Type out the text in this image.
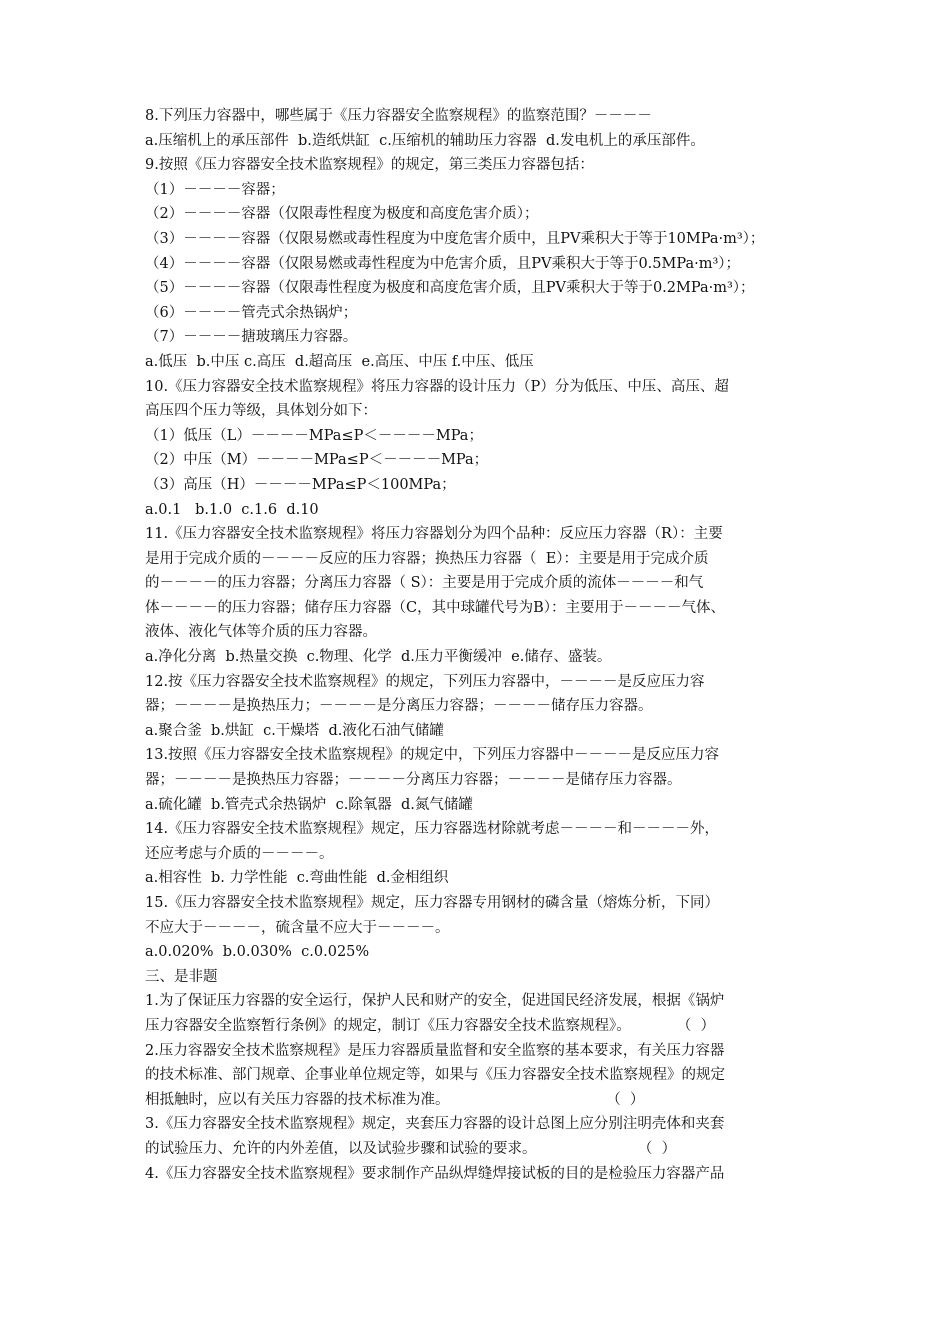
8.下列压力容器中，哪些属于《压力容器安全监察规程》的监察范围？－－－－
a.压缩机上的承压部件  b.造纸烘缸  c.压缩机的辅助压力容器  d.发电机上的承压部件。
9.按照《压力容器安全技术监察规程》的规定，第三类压力容器包括：
（1）－－－－容器；
（2）－－－－容器（仅限毒性程度为极度和高度危害介质）；
（3）－－－－容器（仅限易燃或毒性程度为中度危害介质中，且PV乘积大于等于10MPa·m³）；
（4）－－－－容器（仅限易燃或毒性程度为中危害介质，且PV乘积大于等于0.5MPa·m³）；
（5）－－－－容器（仅限毒性程度为极度和高度危害介质，且PV乘积大于等于0.2MPa·m³）；
（6）－－－－管壳式余热锅炉；
（7）－－－－搪玻璃压力容器。
a.低压  b.中压 c.高压  d.超高压  e.高压、中压 f.中压、低压
10.《压力容器安全技术监察规程》将压力容器的设计压力（P）分为低压、中压、高压、超
高压四个压力等级，具体划分如下：
（1）低压（L）－－－－MPa≤P＜－－－－MPa；
（2）中压（M）－－－－MPa≤P＜－－－－MPa；
（3）高压（H）－－－－MPa≤P＜100MPa；
a.0.1   b.1.0  c.1.6  d.10
11.《压力容器安全技术监察规程》将压力容器划分为四个品种：反应压力容器（R）：主要
是用于完成介质的－－－－反应的压力容器；换热压力容器（  E）：主要是用于完成介质
的－－－－的压力容器；分离压力容器（ S）：主要是用于完成介质的流体－－－－和气
体－－－－的压力容器；储存压力容器（C，其中球罐代号为B）：主要用于－－－－气体、
液体、液化气体等介质的压力容器。
a.净化分离  b.热量交换  c.物理、化学  d.压力平衡缓冲  e.储存、盛装。
12.按《压力容器安全技术监察规程》的规定，下列压力容器中，－－－－是反应压力容
器；－－－－是换热压力；－－－－是分离压力容器；－－－－储存压力容器。
a.聚合釜  b.烘缸  c.干燥塔  d.液化石油气储罐
13.按照《压力容器安全技术监察规程》的规定中，下列压力容器中－－－－是反应压力容
器；－－－－是换热压力容器；－－－－分离压力容器；－－－－是储存压力容器。
a.硫化罐  b.管壳式余热锅炉  c.除氧器  d.氮气储罐
14.《压力容器安全技术监察规程》规定，压力容器选材除就考虑－－－－和－－－－外，
还应考虑与介质的－－－－。
a.相容性  b. 力学性能  c.弯曲性能  d.金相组织
15.《压力容器安全技术监察规程》规定，压力容器专用钢材的磷含量（熔炼分析，下同）
不应大于－－－－，硫含量不应大于－－－－。
a.0.020%  b.0.030%  c.0.025%
三、是非题
1.为了保证压力容器的安全运行，保护人民和财产的安全，促进国民经济发展，根据《锅炉
压力容器安全监察暂行条例》的规定，制订《压力容器安全技术监察规程》。          （  ）
2.压力容器安全技术监察规程》是压力容器质量监督和安全监察的基本要求，有关压力容器
的技术标准、部门规章、企事业单位规定等，如果与《压力容器安全技术监察规程》的规定
相抵触时，应以有关压力容器的技术标准为准。                                  （  ）
3.《压力容器安全技术监察规程》规定，夹套压力容器的设计总图上应分别注明壳体和夹套
的试验压力、允许的内外差值，以及试验步骤和试验的要求。                      （  ）
4.《压力容器安全技术监察规程》要求制作产品纵焊缝焊接试板的目的是检验压力容器产品
